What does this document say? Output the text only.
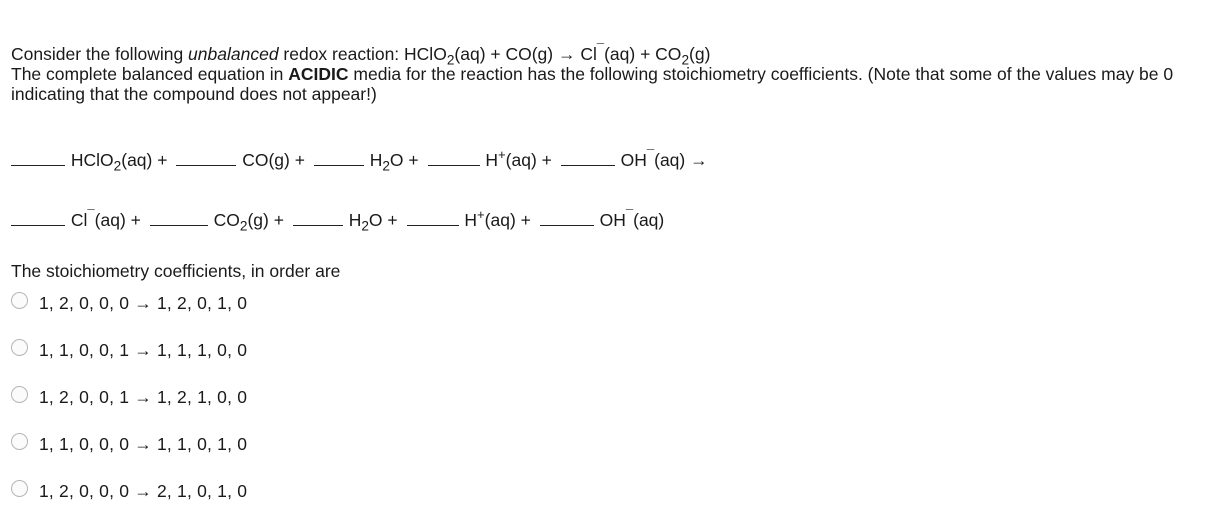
Consider the following unbalanced redox reaction: HClO$_2$(aq) + $CO(g) \to Cl^¯(aq) + CO_2(g)$

The complete balanced equation in ACIDIC media for the reaction has the following stoichiometry coefficients. (Note that some of the values may be 0 indicating that the compound does not appear!)

HClO$_2$(aq) +	CO(g) +	$H_2O$ +	H+(aq) +	OH¯(aq) →
Cl¯(aq) +	$CO_2(g)$ +	$H_2O$ +	H+(aq) +	OH¯(aq)
The stoichiometry coefficients, in order are
1, 2, 0, 0, 0 → 1, 2, 0, 1, 0
1, 1, 0, 0, 1 → 1, 1, 1, 0, 0
1, 2, 0, 0, 1 → 1, 2, 1, 0, 0
1, 1, 0, 0, 0 → 1, 1, 0, 1, 0
1, 2, 0, 0, 0 → 2, 1, 0, 1, 0
